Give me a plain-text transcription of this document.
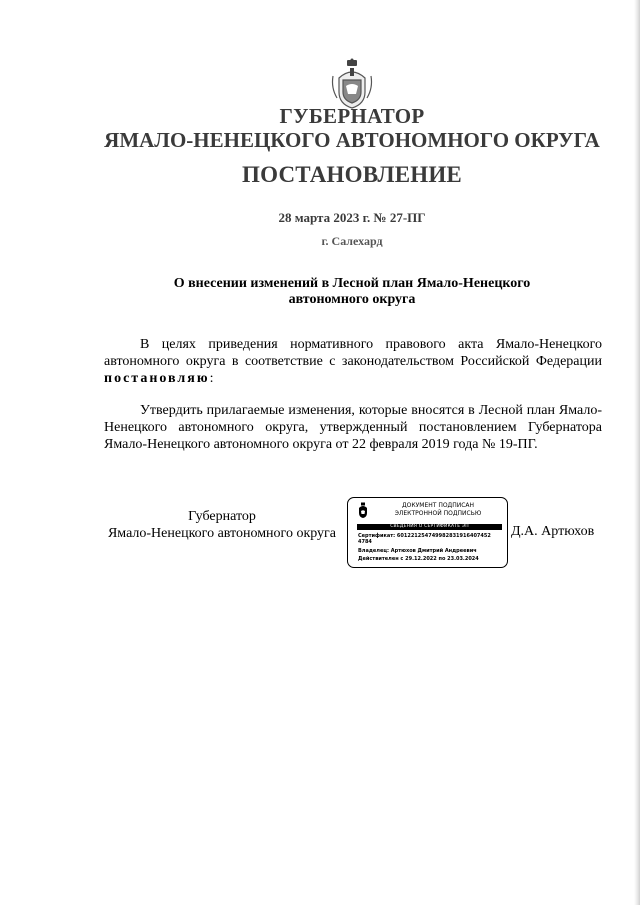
ГУБЕРНАТОР
ЯМАЛО-НЕНЕЦКОГО АВТОНОМНОГО ОКРУГА
ПОСТАНОВЛЕНИЕ
28 марта 2023 г. № 27-ПГ
г. Салехард
О внесении изменений в Лесной план Ямало-Ненецкого
автономного округа
В целях приведения нормативного правового акта Ямало-Ненецкого автономного округа в соответствие с законодательством Российской Федерации постановляю:
Утвердить прилагаемые изменения, которые вносятся в Лесной план Ямало-Ненецкого автономного округа, утвержденный постановлением Губернатора Ямало-Ненецкого автономного округа от 22 февраля 2019 года № 19-ПГ.
Губернатор
Ямало-Ненецкого автономного округа
ДОКУМЕНТ ПОДПИСАН
ЭЛЕКТРОННОЙ ПОДПИСЬЮ
СВЕДЕНИЯ О СЕРТИФИКАТЕ ЭП
Сертификат: 601221254749982831916407452
4784
Владелец: Артюхов Дмитрий Андреевич
Действителен с 29.12.2022 по 23.03.2024
Д.А. Артюхов
